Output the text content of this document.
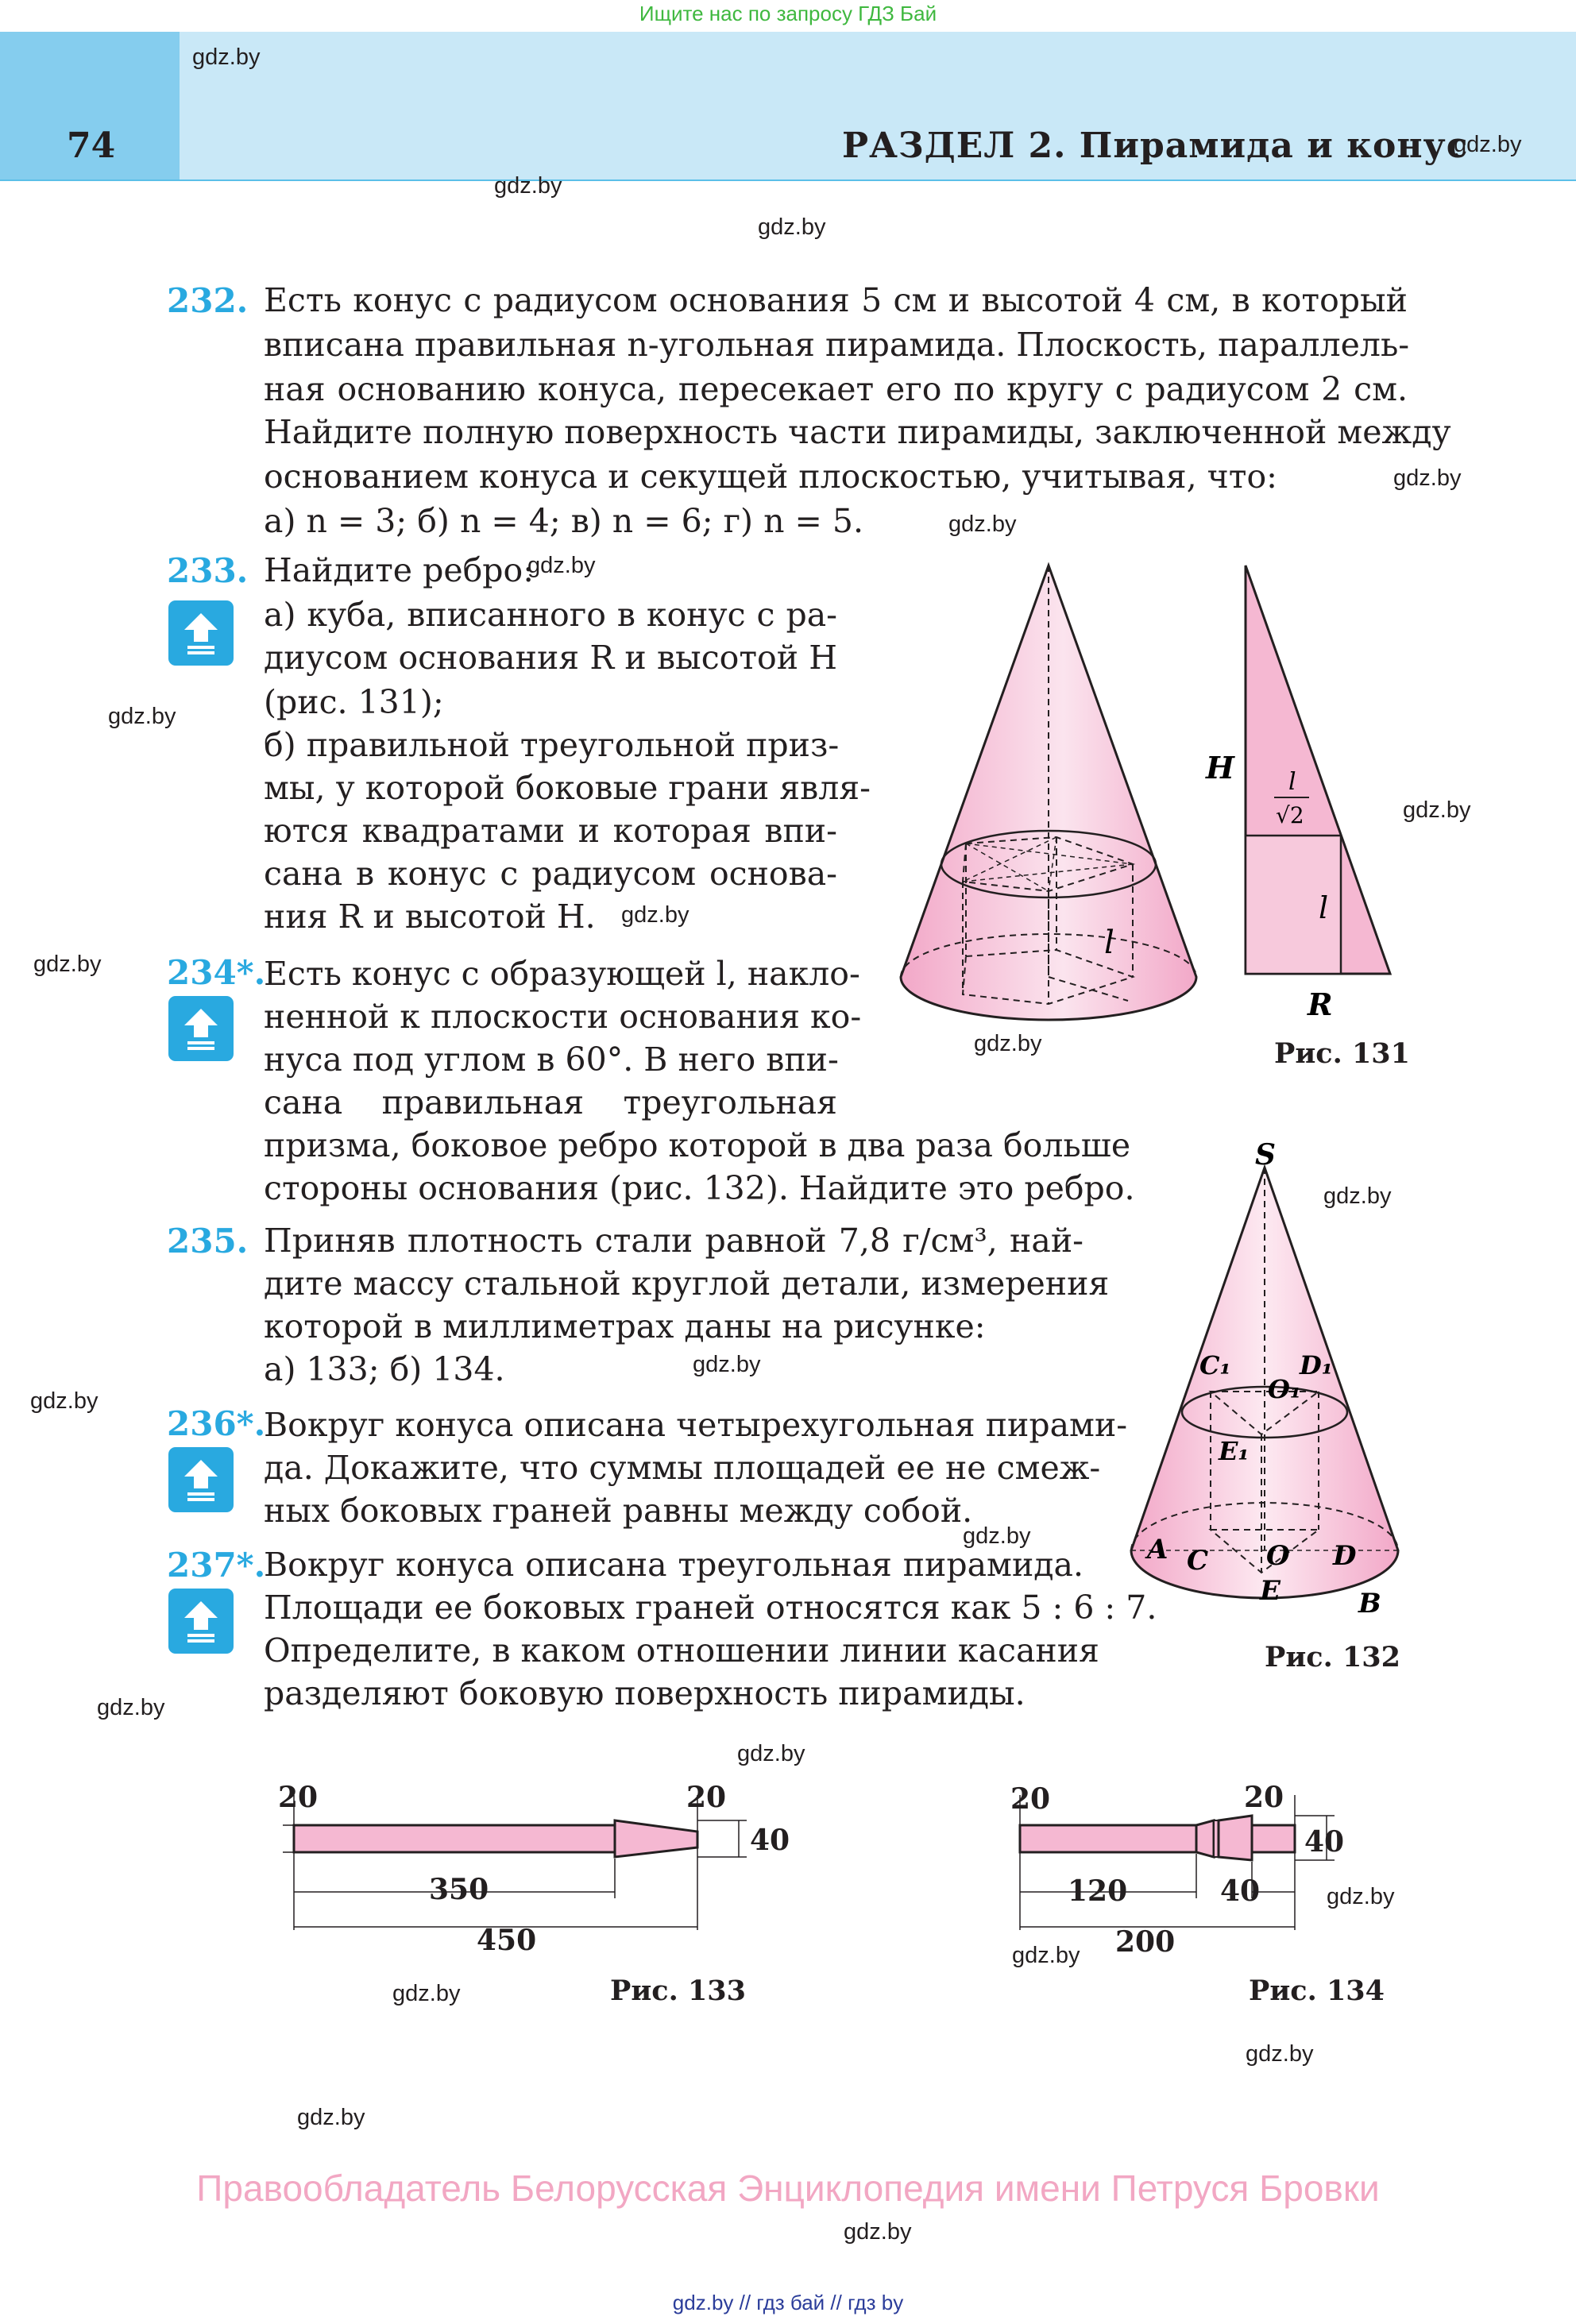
Ищите нас по запросу ГДЗ Бай
74	РАЗДЕЛ 2. Пирамида и конус
gdz.by
gdz.by
gdz.by
gdz.by
gdz.by
gdz.by
gdz.by
gdz.by
gdz.by
gdz.by
gdz.by
gdz.by
gdz.by
gdz.by
gdz.by
gdz.by
gdz.by
gdz.by
gdz.by
gdz.by
gdz.by
gdz.by
gdz.by
gdz.by
232. Есть конус с радиусом основания 5 см и высотой 4 см, в который
вписана правильная n-угольная пирамида. Плоскость, параллель-
ная основанию конуса, пересекает его по кругу с радиусом 2 см.
Найдите полную поверхность части пирамиды, заключенной между
основанием конуса и секущей плоскостью, учитывая, что:
а) n = 3; б) n = 4; в) n = 6; г) n = 5.
233. Найдите ребро:
а) куба, вписанного в конус с ра-
диусом основания R и высотой H
(рис. 131);
б) правильной треугольной приз-
мы, у которой боковые грани явля-
ются квадратами и которая впи-
сана в конус с радиусом основа-
ния R и высотой H.
234*.
Есть конус с образующей l, накло-
ненной к плоскости основания ко-
нуса под углом в 60°. В него впи-
сана правильная треугольная
призма, боковое ребро которой в два раза больше
стороны основания (рис. 132). Найдите это ребро.
235. Приняв плотность стали равной 7,8 г/см³, най-
дите массу стальной круглой детали, измерения
которой в миллиметрах даны на рисунке:
а) 133; б) 134.
236*.
Вокруг конуса описана четырехугольная пирами-
да. Докажите, что суммы площадей ее не смеж-
ных боковых граней равны между собой.
237*.
Вокруг конуса описана треугольная пирамида.
Площади ее боковых граней относятся как 5 : 6 : 7.
Определите, в каком отношении линии касания
разделяют боковую поверхность пирамиды.
l
H l
√2
l
R
Рис. 131
S
C₁
O₁
D₁
E₁
A C O D
E	B
Рис. 132
20	20
40
350
450
Рис. 133
20	20
40
120	40
200
Рис. 134
Правообладатель Белорусская Энциклопедия имени Петруся Бровки
gdz.by // гдз бай // гдз by
